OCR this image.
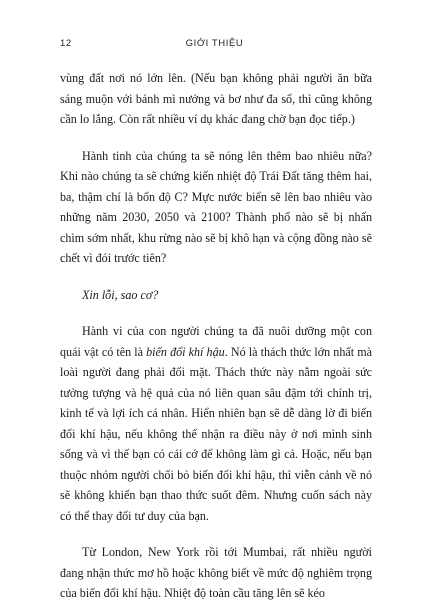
12	GIỚI THIỆU

vùng đất nơi nó lớn lên. (Nếu bạn không phải người ăn bữa sáng muộn với bánh mì nướng và bơ như đa số, thì cũng không cần lo lắng. Còn rất nhiều ví dụ khác đang chờ bạn đọc tiếp.)

Hành tinh của chúng ta sẽ nóng lên thêm bao nhiêu nữa? Khi nào chúng ta sẽ chứng kiến nhiệt độ Trái Đất tăng thêm hai, ba, thậm chí là bốn độ C? Mực nước biển sẽ lên bao nhiêu vào những năm 2030, 2050 và 2100? Thành phố nào sẽ bị nhấn chìm sớm nhất, khu rừng nào sẽ bị khô hạn và cộng đồng nào sẽ chết vì đói trước tiên?

Xin lỗi, sao cơ?

Hành vi của con người chúng ta đã nuôi dưỡng một con quái vật có tên là biến đổi khí hậu. Nó là thách thức lớn nhất mà loài người đang phải đối mặt. Thách thức này nằm ngoài sức tưởng tượng và hệ quả của nó liên quan sâu đậm tới chính trị, kinh tế và lợi ích cá nhân. Hiển nhiên bạn sẽ dễ dàng lờ đi biến đổi khí hậu, nếu không thể nhận ra điều này ở nơi mình sinh sống và vì thế bạn có cái cớ để không làm gì cả. Hoặc, nếu bạn thuộc nhóm người chối bỏ biến đổi khí hậu, thì viễn cảnh về nó sẽ không khiến bạn thao thức suốt đêm. Nhưng cuốn sách này có thể thay đổi tư duy của bạn.

Từ London, New York rồi tới Mumbai, rất nhiều người đang nhận thức mơ hồ hoặc không biết về mức độ nghiêm trọng của biến đổi khí hậu. Nhiệt độ toàn cầu tăng lên sẽ kéo
